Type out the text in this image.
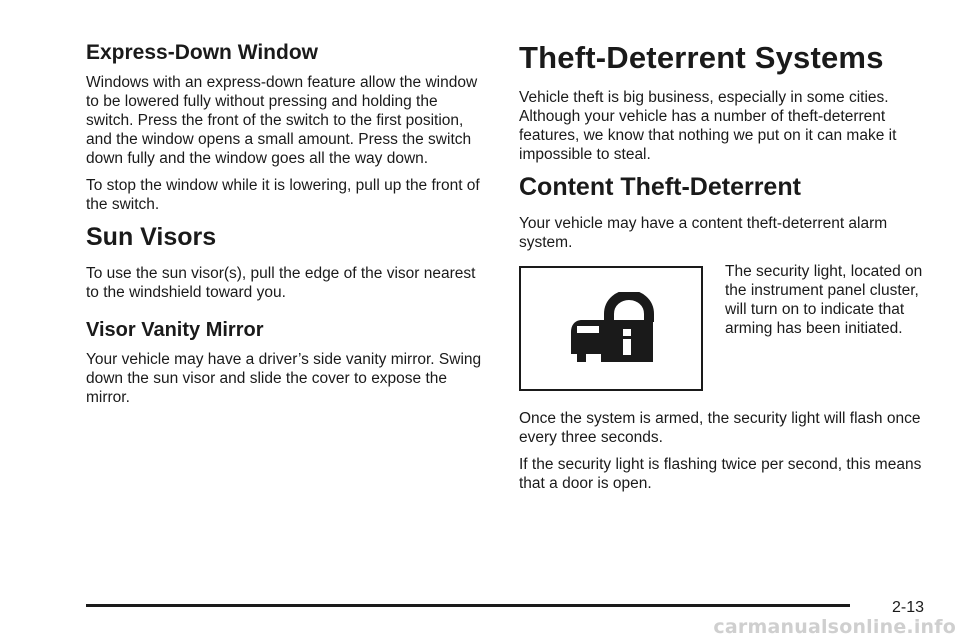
Express-Down Window

Windows with an express-down feature allow the window to be lowered fully without pressing and holding the switch. Press the front of the switch to the first position, and the window opens a small amount. Press the switch down fully and the window goes all the way down.

To stop the window while it is lowering, pull up the front of the switch.

Sun Visors

To use the sun visor(s), pull the edge of the visor nearest to the windshield toward you.

Visor Vanity Mirror

Your vehicle may have a driver’s side vanity mirror. Swing down the sun visor and slide the cover to expose the mirror.

Theft-Deterrent Systems

Vehicle theft is big business, especially in some cities. Although your vehicle has a number of theft-deterrent features, we know that nothing we put on it can make it impossible to steal.

Content Theft-Deterrent

Your vehicle may have a content theft-deterrent alarm system.

The security light, located on the instrument panel cluster, will turn on to indicate that arming has been initiated.

Once the system is armed, the security light will flash once every three seconds.

If the security light is flashing twice per second, this means that a door is open.

2-13
carmanualsonline.info
